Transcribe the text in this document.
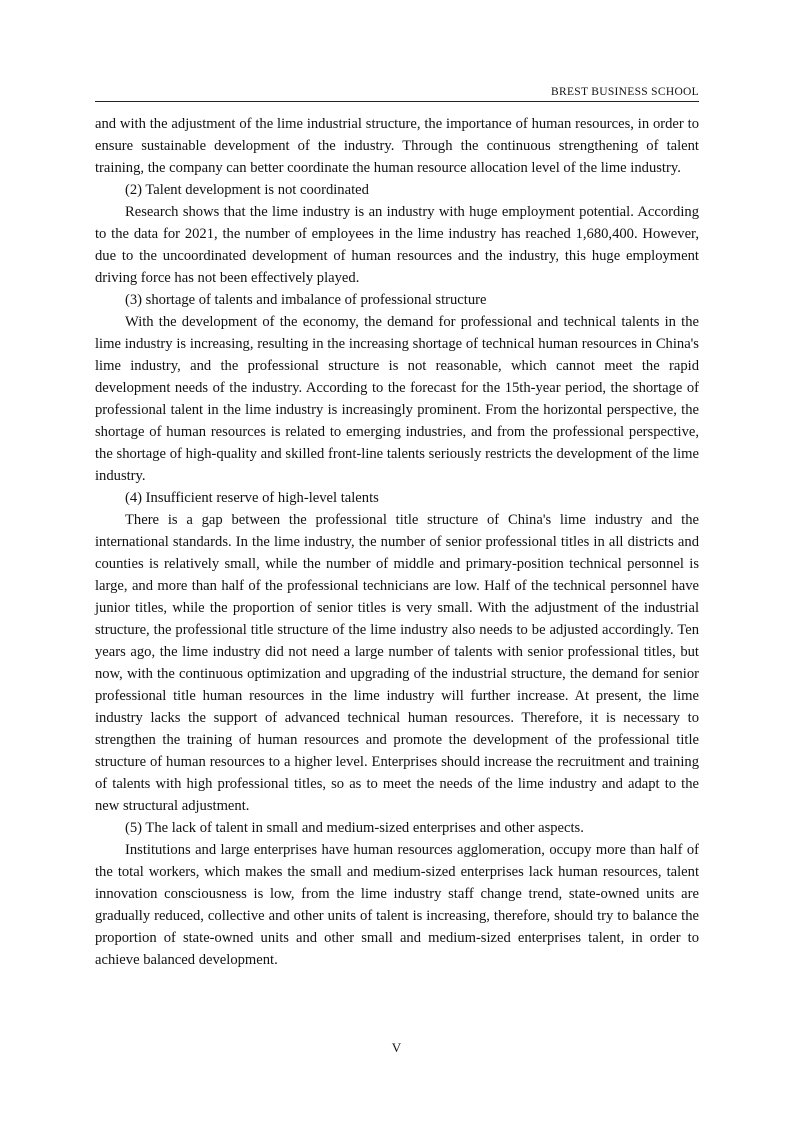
BREST BUSINESS SCHOOL

and with the adjustment of the lime industrial structure, the importance of human resources, in order to ensure sustainable development of the industry. Through the continuous strengthening of talent training, the company can better coordinate the human resource allocation level of the lime industry.

(2) Talent development is not coordinated

Research shows that the lime industry is an industry with huge employment potential. According to the data for 2021, the number of employees in the lime industry has reached 1,680,400. However, due to the uncoordinated development of human resources and the industry, this huge employment driving force has not been effectively played.

(3) shortage of talents and imbalance of professional structure

With the development of the economy, the demand for professional and technical talents in the lime industry is increasing, resulting in the increasing shortage of technical human resources in China's lime industry, and the professional structure is not reasonable, which cannot meet the rapid development needs of the industry. According to the forecast for the 15th-year period, the shortage of professional talent in the lime industry is increasingly prominent. From the horizontal perspective, the shortage of human resources is related to emerging industries, and from the professional perspective, the shortage of high-quality and skilled front-line talents seriously restricts the development of the lime industry.

(4) Insufficient reserve of high-level talents

There is a gap between the professional title structure of China's lime industry and the international standards. In the lime industry, the number of senior professional titles in all districts and counties is relatively small, while the number of middle and primary-position technical personnel is large, and more than half of the professional technicians are low. Half of the technical personnel have junior titles, while the proportion of senior titles is very small. With the adjustment of the industrial structure, the professional title structure of the lime industry also needs to be adjusted accordingly. Ten years ago, the lime industry did not need a large number of talents with senior professional titles, but now, with the continuous optimization and upgrading of the industrial structure, the demand for senior professional title human resources in the lime industry will further increase. At present, the lime industry lacks the support of advanced technical human resources. Therefore, it is necessary to strengthen the training of human resources and promote the development of the professional title structure of human resources to a higher level. Enterprises should increase the recruitment and training of talents with high professional titles, so as to meet the needs of the lime industry and adapt to the new structural adjustment.

(5) The lack of talent in small and medium-sized enterprises and other aspects.

Institutions and large enterprises have human resources agglomeration, occupy more than half of the total workers, which makes the small and medium-sized enterprises lack human resources, talent innovation consciousness is low, from the lime industry staff change trend, state-owned units are gradually reduced, collective and other units of talent is increasing, therefore, should try to balance the proportion of state-owned units and other small and medium-sized enterprises talent, in order to achieve balanced development.

V
